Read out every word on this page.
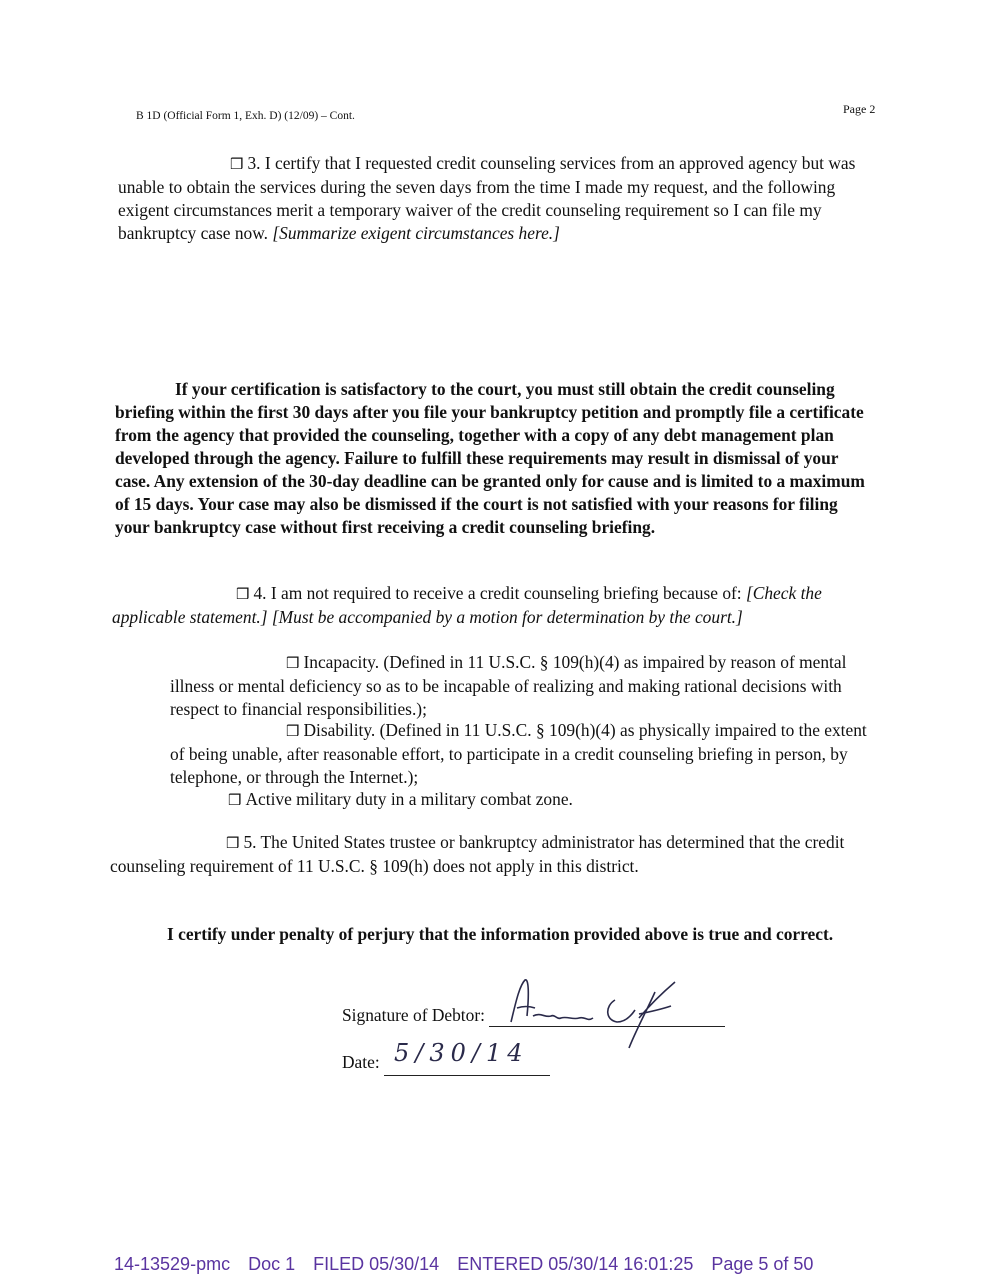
B 1D (Official Form 1, Exh. D) (12/09) – Cont.	Page 2
❒ 3. I certify that I requested credit counseling services from an approved agency but was unable to obtain the services during the seven days from the time I made my request, and the following exigent circumstances merit a temporary waiver of the credit counseling requirement so I can file my bankruptcy case now. [Summarize exigent circumstances here.]
If your certification is satisfactory to the court, you must still obtain the credit counseling briefing within the first 30 days after you file your bankruptcy petition and promptly file a certificate from the agency that provided the counseling, together with a copy of any debt management plan developed through the agency. Failure to fulfill these requirements may result in dismissal of your case. Any extension of the 30-day deadline can be granted only for cause and is limited to a maximum of 15 days. Your case may also be dismissed if the court is not satisfied with your reasons for filing your bankruptcy case without first receiving a credit counseling briefing.
❒ 4. I am not required to receive a credit counseling briefing because of: [Check the applicable statement.] [Must be accompanied by a motion for determination by the court.]
❒ Incapacity. (Defined in 11 U.S.C. § 109(h)(4) as impaired by reason of mental illness or mental deficiency so as to be incapable of realizing and making rational decisions with respect to financial responsibilities.);
❒ Disability. (Defined in 11 U.S.C. § 109(h)(4) as physically impaired to the extent of being unable, after reasonable effort, to participate in a credit counseling briefing in person, by telephone, or through the Internet.);
❒ Active military duty in a military combat zone.
❒ 5. The United States trustee or bankruptcy administrator has determined that the credit counseling requirement of 11 U.S.C. § 109(h) does not apply in this district.
I certify under penalty of perjury that the information provided above is true and correct.
Signature of Debtor:
Date: 5/30/14
14-13529-pmc Doc 1 FILED 05/30/14 ENTERED 05/30/14 16:01:25 Page 5 of 50
